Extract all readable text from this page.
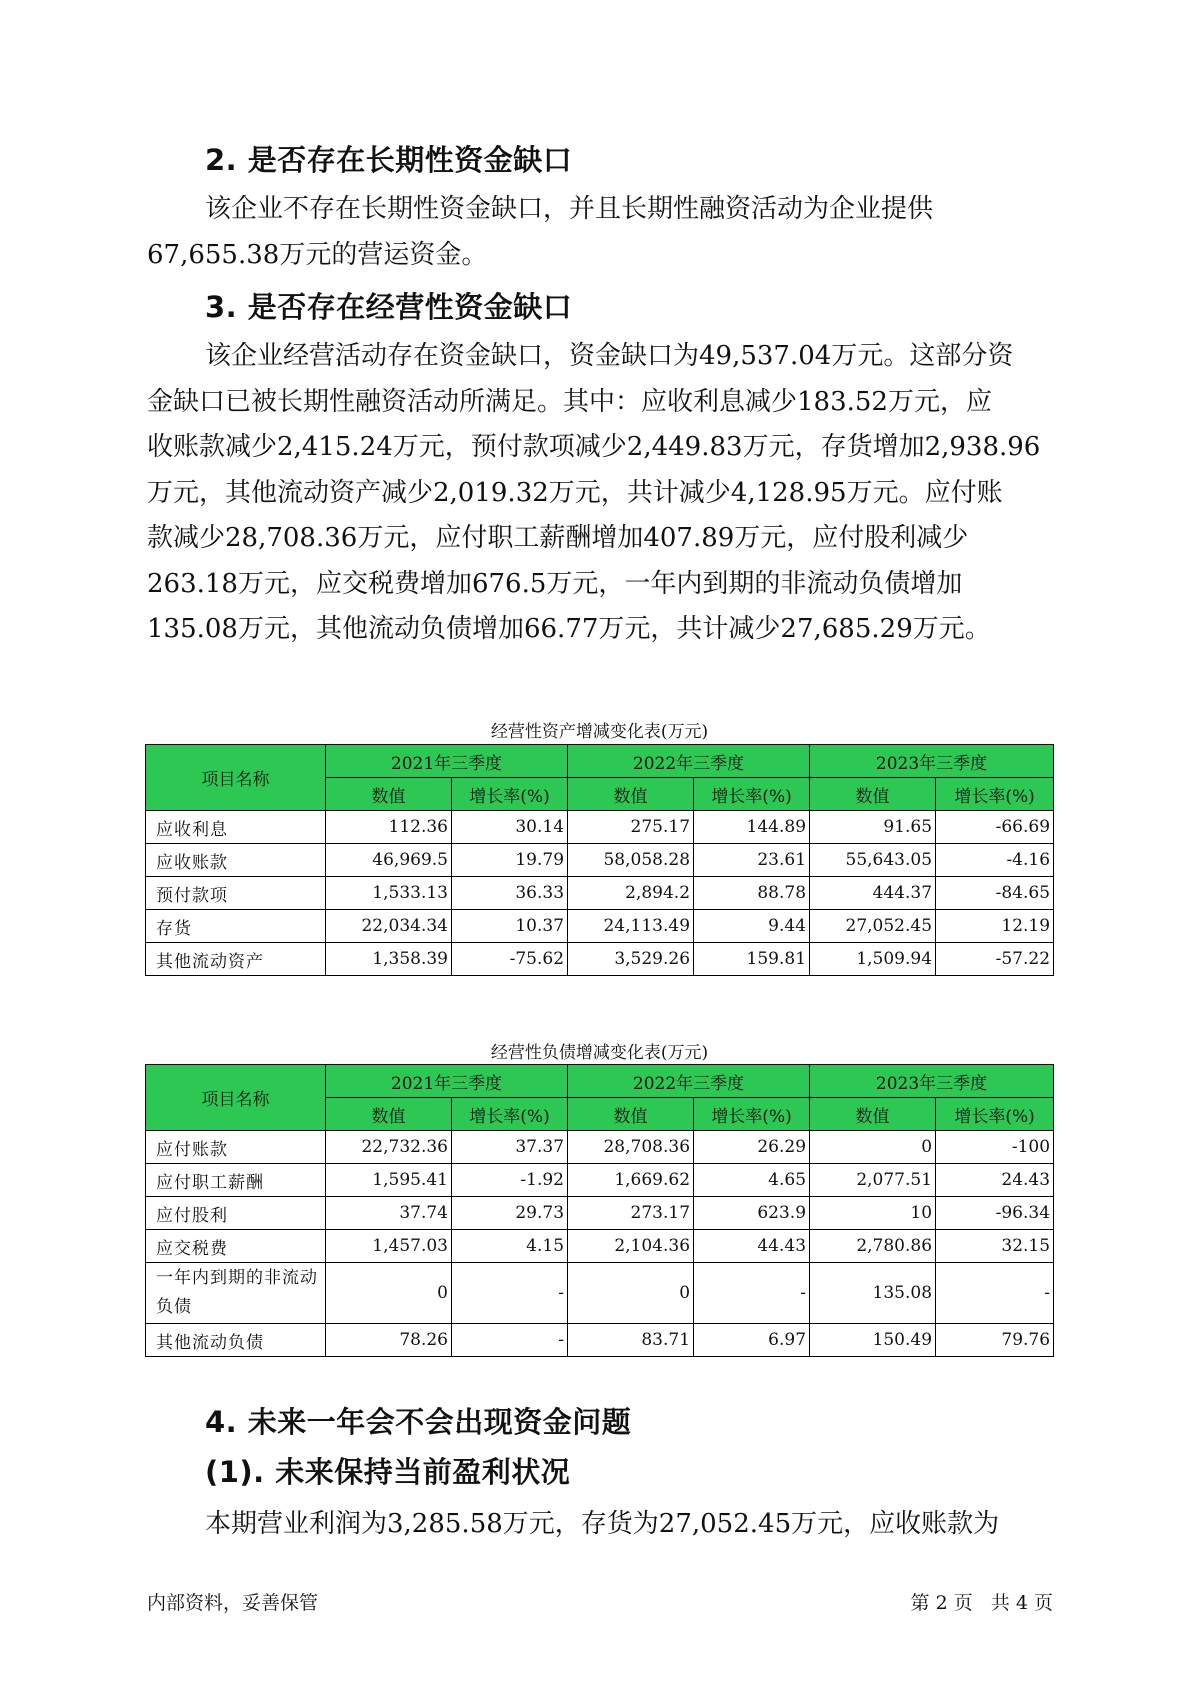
2. 是否存在长期性资金缺口
该企业不存在长期性资金缺口，并且长期性融资活动为企业提供
67,655.38万元的营运资金。
3. 是否存在经营性资金缺口
该企业经营活动存在资金缺口，资金缺口为49,537.04万元。这部分资
金缺口已被长期性融资活动所满足。其中：应收利息减少183.52万元，应
收账款减少2,415.24万元，预付款项减少2,449.83万元，存货增加2,938.96
万元，其他流动资产减少2,019.32万元，共计减少4,128.95万元。应付账
款减少28,708.36万元，应付职工薪酬增加407.89万元，应付股利减少
263.18万元，应交税费增加676.5万元，一年内到期的非流动负债增加
135.08万元，其他流动负债增加66.77万元，共计减少27,685.29万元。
经营性资产增减变化表(万元)
项目名称	2021年三季度		2022年三季度		2023年三季度	
	数值	增长率(%)	数值	增长率(%)	数值	增长率(%)
应收利息	112.36	30.14	275.17	144.89	91.65	-66.69
应收账款	46,969.5	19.79	58,058.28	23.61	55,643.05	-4.16
预付款项	1,533.13	36.33	2,894.2	88.78	444.37	-84.65
存货	22,034.34	10.37	24,113.49	9.44	27,052.45	12.19
其他流动资产	1,358.39	-75.62	3,529.26	159.81	1,509.94	-57.22
经营性负债增减变化表(万元)
项目名称	2021年三季度		2022年三季度		2023年三季度	
	数值	增长率(%)	数值	增长率(%)	数值	增长率(%)
应付账款	22,732.36	37.37	28,708.36	26.29	0	-100
应付职工薪酬	1,595.41	-1.92	1,669.62	4.65	2,077.51	24.43
应付股利	37.74	29.73	273.17	623.9	10	-96.34
应交税费	1,457.03	4.15	2,104.36	44.43	2,780.86	32.15
一年内到期的非流动负债	0	-	0	-	135.08	-
其他流动负债	78.26	-	83.71	6.97	150.49	79.76
4. 未来一年会不会出现资金问题
(1). 未来保持当前盈利状况
本期营业利润为3,285.58万元，存货为27,052.45万元，应收账款为
内部资料，妥善保管	第 2 页   共 4 页
